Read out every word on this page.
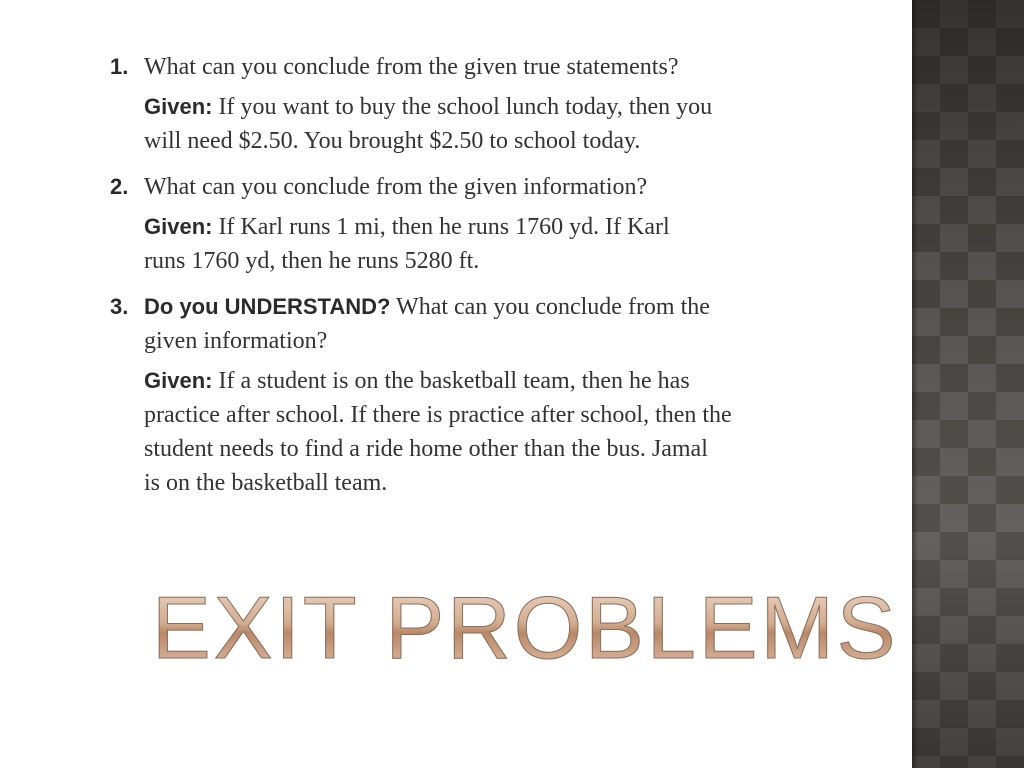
1. What can you conclude from the given true statements?
Given: If you want to buy the school lunch today, then you
will need $2.50. You brought $2.50 to school today.
2. What can you conclude from the given information?
Given: If Karl runs 1 mi, then he runs 1760 yd. If Karl
runs 1760 yd, then he runs 5280 ft.
3. Do you UNDERSTAND? What can you conclude from the
given information?
Given: If a student is on the basketball team, then he has
practice after school. If there is practice after school, then the
student needs to find a ride home other than the bus. Jamal
is on the basketball team.
EXIT PROBLEMS
